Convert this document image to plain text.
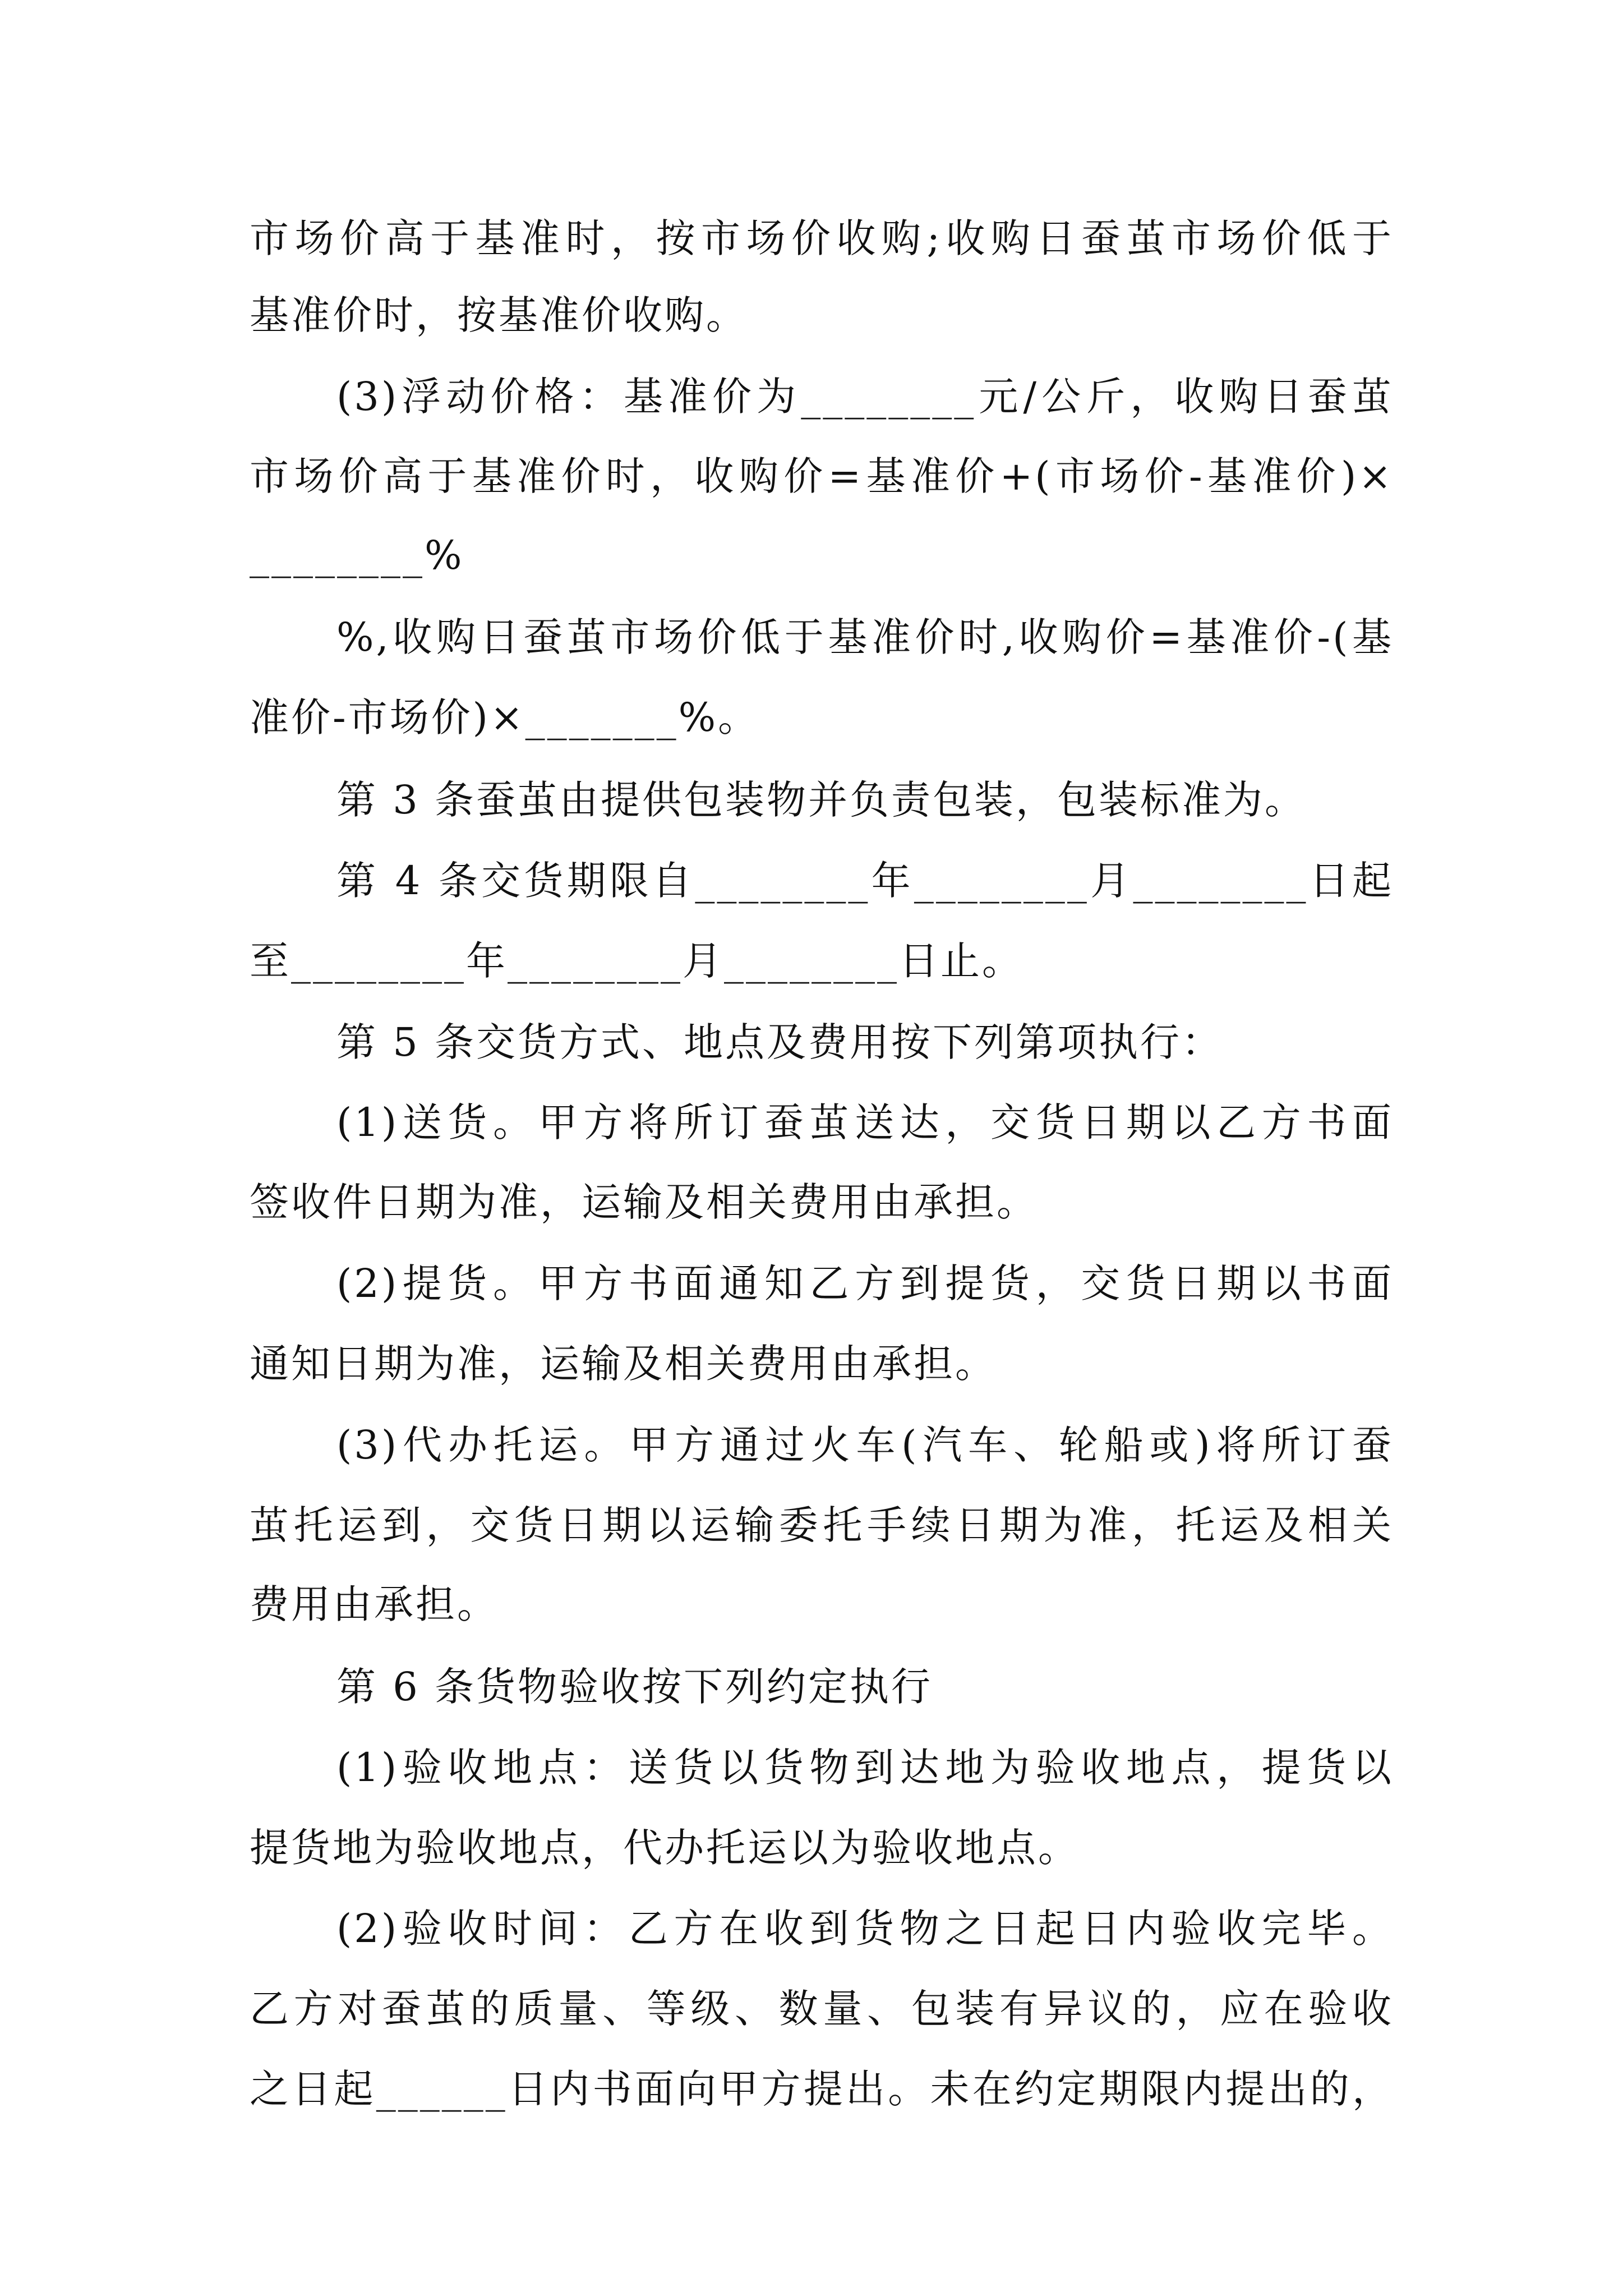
市场价高于基准时，按市场价收购;收购日蚕茧市场价低于
基准价时，按基准价收购。
(3)浮动价格：基准价为________元/公斤，收购日蚕茧
市场价高于基准价时，收购价=基准价+(市场价-基准价)×
________%
%,收购日蚕茧市场价低于基准价时,收购价=基准价-(基
准价-市场价)×_______%。
第 3 条蚕茧由提供包装物并负责包装，包装标准为。
第 4 条交货期限自________年________月________日起
至________年________月________日止。
第 5 条交货方式、地点及费用按下列第项执行：
(1)送货。甲方将所订蚕茧送达，交货日期以乙方书面
签收件日期为准，运输及相关费用由承担。
(2)提货。甲方书面通知乙方到提货，交货日期以书面
通知日期为准，运输及相关费用由承担。
(3)代办托运。甲方通过火车(汽车、轮船或)将所订蚕
茧托运到，交货日期以运输委托手续日期为准，托运及相关
费用由承担。
第 6 条货物验收按下列约定执行
(1)验收地点：送货以货物到达地为验收地点，提货以
提货地为验收地点，代办托运以为验收地点。
(2)验收时间：乙方在收到货物之日起日内验收完毕。
乙方对蚕茧的质量、等级、数量、包装有异议的，应在验收
之日起______日内书面向甲方提出。未在约定期限内提出的，
